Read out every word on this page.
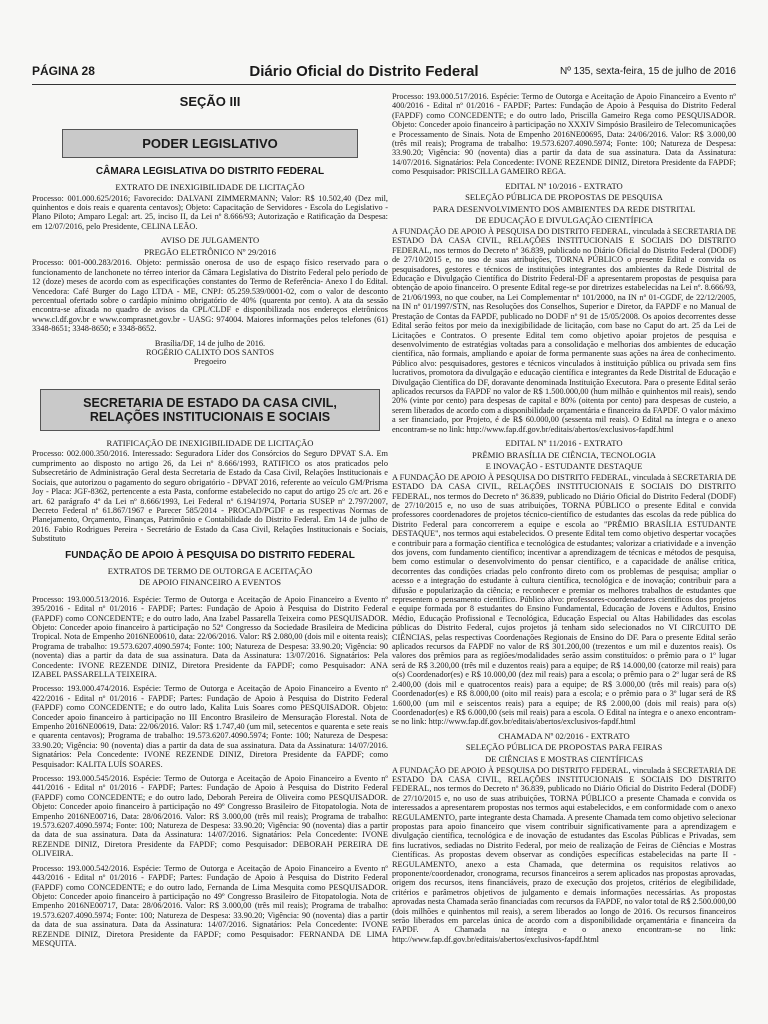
PÁGINA 28	Diário Oficial do Distrito Federal	Nº 135, sexta-feira, 15 de julho de 2016
SEÇÃO III
PODER LEGISLATIVO
CÂMARA LEGISLATIVA DO DISTRITO FEDERAL
EXTRATO DE INEXIGIBILIDADE DE LICITAÇÃO

Processo: 001.000.625/2016; Favorecido: DALVANI ZIMMERMANN; Valor: R$ 10.502,40 (Dez mil, quinhentos e dois reais e quarenta centavos); Objeto: Capacitação de Servidores - Escola do Legislativo - Plano Piloto; Amparo Legal: art. 25, inciso II, da Lei nº 8.666/93; Autorização e Ratificação da Despesa: em 12/07/2016, pelo Presidente, CELINA LEÃO.

AVISO DE JULGAMENTO
PREGÃO ELETRÔNICO Nº 29/2016

Processo: 001-000.283/2016. Objeto: permissão onerosa de uso de espaço físico reservado para o funcionamento de lanchonete no térreo interior da Câmara Legislativa do Distrito Federal pelo período de 12 (doze) meses de acordo com as especificações constantes do Termo de Referência- Anexo I do Edital. Vencedora: Café Burger do Lago LTDA - ME, CNPJ: 05.259.539/0001-02, com o valor de desconto percentual ofertado sobre o cardápio mínimo obrigatório de 40% (quarenta por cento). A ata da sessão encontra-se afixada no quadro de avisos da CPL/CLDF e disponibilizada nos endereços eletrônicos www.cl.df.gov.br e www.comprasnet.gov.br - UASG: 974004. Maiores informações pelos telefones (61) 3348-8651; 3348-8650; e 3348-8652.

Brasília/DF, 14 de julho de 2016.
ROGÉRIO CALIXTO DOS SANTOS
Pregoeiro
SECRETARIA DE ESTADO DA CASA CIVIL,
RELAÇÕES INSTITUCIONAIS E SOCIAIS
RATIFICAÇÃO DE INEXIGIBILIDADE DE LICITAÇÃO

Processo: 002.000.350/2016. Interessado: Seguradora Líder dos Consórcios do Seguro DPVAT S.A. Em cumprimento ao disposto no artigo 26, da Lei nº 8.666/1993, RATIFICO os atos praticados pelo Subsecretário de Administração Geral desta Secretaria de Estado da Casa Civil, Relações Institucionais e Sociais, que autorizou o pagamento do seguro obrigatório - DPVAT 2016, referente ao veículo GM/Prisma Joy - Placa: JGF-8362, pertencente a esta Pasta, conforme estabelecido no caput do artigo 25 c/c art. 26 e art. 62 parágrafo 4º da Lei nº 8.666/1993, Lei Federal nº 6.194/1974, Portaria SUSEP nº 2.797/2007, Decreto Federal nº 61.867/1967 e Parecer 585/2014 - PROCAD/PGDF e as respectivas Normas de Planejamento, Orçamento, Finanças, Patrimônio e Contabilidade do Distrito Federal. Em 14 de julho de 2016. Fabio Rodrigues Pereira - Secretário de Estado da Casa Civil, Relações Institucionais e Sociais, Substituto

FUNDAÇÃO DE APOIO À PESQUISA DO DISTRITO FEDERAL
EXTRATOS DE TERMO DE OUTORGA E ACEITAÇÃO
DE APOIO FINANCEIRO A EVENTOS

Processo: 193.000.513/2016. Espécie: Termo de Outorga e Aceitação de Apoio Financeiro a Evento nº 395/2016 - Edital nº 01/2016 - FAPDF; Partes: Fundação de Apoio à Pesquisa do Distrito Federal (FAPDF) como CONCEDENTE; e do outro lado, Ana Izabel Passarella Teixeira como PESQUISADOR. Objeto: Conceder apoio financeiro à participação no 52º Congresso da Sociedade Brasileira de Medicina Tropical. Nota de Empenho 2016NE00610, data: 22/06/2016. Valor: R$ 2.080,00 (dois mil e oitenta reais); Programa de trabalho: 19.573.6207.4090.5974; Fonte: 100; Natureza de Despesa: 33.90.20; Vigência: 90 (noventa) dias a partir da data de sua assinatura. Data da Assinatura: 13/07/2016. Signatários: Pela Concedente: IVONE REZENDE DINIZ, Diretora Presidente da FAPDF; como Pesquisador: ANA IZABEL PASSARELLA TEIXEIRA.

Processo: 193.000.474/2016. Espécie: Termo de Outorga e Aceitação de Apoio Financeiro a Evento nº 422/2016 - Edital nº 01/2016 - FAPDF; Partes: Fundação de Apoio à Pesquisa do Distrito Federal (FAPDF) como CONCEDENTE; e do outro lado, Kalita Luis Soares como PESQUISADOR. Objeto: Conceder apoio financeiro à participação no III Encontro Brasileiro de Mensuração Florestal. Nota de Empenho 2016NE00619, Data: 22/06/2016. Valor: R$ 1.747,40 (um mil, setecentos e quarenta e sete reais e quarenta centavos); Programa de trabalho: 19.573.6207.4090.5974; Fonte: 100; Natureza de Despesa: 33.90.20; Vigência: 90 (noventa) dias a partir da data de sua assinatura. Data da Assinatura: 14/07/2016. Signatários: Pela Concedente: IVONE REZENDE DINIZ, Diretora Presidente da FAPDF; como Pesquisador: KALITA LUÍS SOARES.

Processo: 193.000.545/2016. Espécie: Termo de Outorga e Aceitação de Apoio Financeiro a Evento nº 441/2016 - Edital nº 01/2016 - FAPDF; Partes: Fundação de Apoio à Pesquisa do Distrito Federal (FAPDF) como CONCEDENTE; e do outro lado, Deborah Pereira de Oliveira como PESQUISADOR. Objeto: Conceder apoio financeiro à participação no 49º Congresso Brasileiro de Fitopatologia. Nota de Empenho 2016NE00716, Data: 28/06/2016. Valor: R$ 3.000,00 (três mil reais); Programa de trabalho: 19.573.6207.4090.5974; Fonte: 100; Natureza de Despesa: 33.90.20; Vigência: 90 (noventa) dias a partir da data de sua assinatura. Data da Assinatura: 14/07/2016. Signatários: Pela Concedente: IVONE REZENDE DINIZ, Diretora Presidente da FAPDF; como Pesquisador: DEBORAH PEREIRA DE OLIVEIRA.

Processo: 193.000.542/2016. Espécie: Termo de Outorga e Aceitação de Apoio Financeiro a Evento nº 443/2016 - Edital nº 01/2016 - FAPDF; Partes: Fundação de Apoio à Pesquisa do Distrito Federal (FAPDF) como CONCEDENTE; e do outro lado, Fernanda de Lima Mesquita como PESQUISADOR. Objeto: Conceder apoio financeiro à participação no 49º Congresso Brasileiro de Fitopatologia. Nota de Empenho 2016NE00717, Data: 28/06/2016. Valor: R$ 3.000,00 (três mil reais); Programa de trabalho: 19.573.6207.4090.5974; Fonte: 100; Natureza de Despesa: 33.90.20; Vigência: 90 (noventa) dias a partir da data de sua assinatura. Data da Assinatura: 14/07/2016. Signatários: Pela Concedente: IVONE REZENDE DINIZ, Diretora Presidente da FAPDF; como Pesquisador: FERNANDA DE LIMA MESQUITA.

Processo: 193.000.517/2016. Espécie: Termo de Outorga e Aceitação de Apoio Financeiro a Evento nº 400/2016 - Edital nº 01/2016 - FAPDF; Partes: Fundação de Apoio à Pesquisa do Distrito Federal (FAPDF) como CONCEDENTE; e do outro lado, Priscilla Gameiro Rega como PESQUISADOR. Objeto: Conceder apoio financeiro à participação no XXXIV Simpósio Brasileiro de Telecomunicações e Processamento de Sinais. Nota de Empenho 2016NE00695, Data: 24/06/2016. Valor: R$ 3.000,00 (três mil reais); Programa de trabalho: 19.573.6207.4090.5974; Fonte: 100; Natureza de Despesa: 33.90.20; Vigência: 90 (noventa) dias a partir da data de sua assinatura. Data da Assinatura: 14/07/2016. Signatários: Pela Concedente: IVONE REZENDE DINIZ, Diretora Presidente da FAPDF; como Pesquisador: PRISCILLA GAMEIRO REGA.

EDITAL Nº 10/2016 - EXTRATO
SELEÇÃO PÚBLICA DE PROPOSTAS DE PESQUISA
PARA DESENVOLVIMENTO DOS AMBIENTES DA REDE DISTRITAL
DE EDUCAÇÃO E DIVULGAÇÃO CIENTÍFICA

A FUNDAÇÃO DE APOIO À PESQUISA DO DISTRITO FEDERAL, vinculada à SECRETARIA DE ESTADO DA CASA CIVIL, RELAÇÕES INSTITUCIONAIS E SOCIAIS DO DISTRITO FEDERAL, nos termos do Decreto nº 36.839, publicado no Diário Oficial do Distrito Federal (DODF) de 27/10/2015 e, no uso de suas atribuições, TORNA PÚBLICO o presente Edital e convida os pesquisadores, gestores e técnicos de instituições integrantes dos ambientes da Rede Distrital de Educação e Divulgação Científica do Distrito Federal-DF a apresentarem propostas de pesquisa para obtenção de apoio financeiro. O presente Edital rege-se por diretrizes estabelecidas na Lei nº. 8.666/93, de 21/06/1993, no que couber, na Lei Complementar nº 101/2000, na IN nº 01-CGDF, de 22/12/2005, na IN nº 01/1997/STN, nas Resoluções dos Conselhos, Superior e Diretor, da FAPDF e no Manual de Prestação de Contas da FAPDF, publicado no DODF nº 91 de 15/05/2008. Os apoios decorrentes desse Edital serão feitos por meio da inexigibilidade de licitação, com base no Caput do art. 25 da Lei de Licitações e Contratos. O presente Edital tem como objetivo apoiar projetos de pesquisa e desenvolvimento de estratégias voltadas para a consolidação e melhorias dos ambientes de educação científica, não formais, ampliando e apoiar de forma permanente suas ações na área de conhecimento. Público alvo: pesquisadores, gestores e técnicos vinculados à instituição pública ou privada sem fins lucrativos, promotora da divulgação e educação científica e integrantes da Rede Distrital de Educação e Divulgação Científica do DF, doravante denominada Instituição Executora. Para o presente Edital serão aplicados recursos da FAPDF no valor de R$ 1.500.000,00 (hum milhão e quinhentos mil reais), sendo 20% (vinte por cento) para despesas de capital e 80% (oitenta por cento) para despesas de custeio, a serem liberados de acordo com a disponibilidade orçamentária e financeira da FAPDF. O valor máximo a ser financiado, por Projeto, é de R$ 60.000,00 (sessenta mil reais). O Edital na íntegra e o anexo encontram-se no link: http://www.fap.df.gov.br/editais/abertos/exclusivos-fapdf.html

EDITAL Nº 11/2016 - EXTRATO
PRÊMIO BRASÍLIA DE CIÊNCIA, TECNOLOGIA
E INOVAÇÃO - ESTUDANTE DESTAQUE

A FUNDAÇÃO DE APOIO À PESQUISA DO DISTRITO FEDERAL, vinculada à SECRETARIA DE ESTADO DA CASA CIVIL, RELAÇÕES INSTITUCIONAIS E SOCIAIS DO DISTRITO FEDERAL, nos termos do Decreto nº 36.839, publicado no Diário Oficial do Distrito Federal (DODF) de 27/10/2015 e, no uso de suas atribuições, TORNA PÚBLICO o presente Edital e convida professores coordenadores de projetos técnico-científico de estudantes das escolas da rede pública do Distrito Federal para concorrerem a equipe e escola ao "PRÊMIO BRASÍLIA ESTUDANTE DESTAQUE", nos termos aqui estabelecidos. O presente Edital tem como objetivo despertar vocações e contribuir para a formação científica e tecnológica de estudantes; valorizar a criatividade e a invenção dos jovens, com fundamento científico; incentivar a aprendizagem de técnicas e métodos de pesquisa, bem como estimular o desenvolvimento do pensar científico, e a capacidade de análise crítica, decorrentes das condições criadas pelo confronto direto com os problemas de pesquisa; ampliar o acesso e a integração do estudante à cultura científica, tecnológica e de inovação; contribuir para a difusão e popularização da ciência; e reconhecer e premiar os melhores trabalhos de estudantes que representem o pensamento científico. Público alvo: professores-coordenadores científicos dos projetos e equipe formada por 8 estudantes do Ensino Fundamental, Educação de Jovens e Adultos, Ensino Médio, Educação Profissional e Tecnológica, Educação Especial ou Altas Habilidades das escolas públicas do Distrito Federal, cujos projetos já tenham sido selecionados no VI CIRCUITO DE CIÊNCIAS, pelas respectivas Coordenações Regionais de Ensino do DF. Para o presente Edital serão aplicados recursos da FAPDF no valor de R$ 301.200,00 (trezentos e um mil e duzentos reais). Os valores dos prêmios para as regiões/modalidades serão assim constituídos: o prêmio para o 1º lugar será de R$ 3.200,00 (três mil e duzentos reais) para a equipe; de R$ 14.000,00 (catorze mil reais) para o(s) Coordenador(es) e R$ 10.000,00 (dez mil reais) para a escola; o prêmio para o 2º lugar será de R$ 2.400,00 (dois mil e quatrocentos reais) para a equipe; de R$ 3.000,00 (três mil reais) para o(s) Coordenador(es) e R$ 8.000,00 (oito mil reais) para a escola; e o prêmio para o 3º lugar será de R$ 1.600,00 (um mil e seiscentos reais) para a equipe; de R$ 2.000,00 (dois mil reais) para o(s) Coordenador(es) e R$ 6.000,00 (seis mil reais) para a escola. O Edital na íntegra e o anexo encontram-se no link: http://www.fap.df.gov.br/editais/abertos/exclusivos-fapdf.html

CHAMADA Nº 02/2016 - EXTRATO
SELEÇÃO PÚBLICA DE PROPOSTAS PARA FEIRAS
DE CIÊNCIAS E MOSTRAS CIENTÍFICAS

A FUNDAÇÃO DE APOIO À PESQUISA DO DISTRITO FEDERAL, vinculada à SECRETARIA DE ESTADO DA CASA CIVIL, RELAÇÕES INSTITUCIONAIS E SOCIAIS DO DISTRITO FEDERAL, nos termos do Decreto nº 36.839, publicado no Diário Oficial do Distrito Federal (DODF) de 27/10/2015 e, no uso de suas atribuições, TORNA PÚBLICO a presente Chamada e convida os interessados a apresentarem propostas nos termos aqui estabelecidos, e em conformidade com o anexo REGULAMENTO, parte integrante desta Chamada. A presente Chamada tem como objetivo selecionar propostas para apoio financeiro que visem contribuir significativamente para a aprendizagem e divulgação científica, tecnológica e de inovação de estudantes das Escolas Públicas e Privadas, sem fins lucrativos, sediadas no Distrito Federal, por meio de realização de Feiras de Ciências e Mostras Científicas. As propostas devem observar as condições específicas estabelecidas na parte II - REGULAMENTO, anexo a esta Chamada, que determina os requisitos relativos ao proponente/coordenador, cronograma, recursos financeiros a serem aplicados nas propostas aprovadas, origem dos recursos, itens financiáveis, prazo de execução dos projetos, critérios de elegibilidade, critérios e parâmetros objetivos de julgamento e demais informações necessárias. As propostas aprovadas nesta Chamada serão financiadas com recursos da FAPDF, no valor total de R$ 2.500.000,00 (dois milhões e quinhentos mil reais), a serem liberados ao longo de 2016. Os recursos financeiros serão liberados em parcelas única de acordo com a disponibilidade orçamentária e financeira da FAPDF. A Chamada na íntegra e o anexo encontram-se no link: http://www.fap.df.gov.br/editais/abertos/exclusivos-fapdf.html
